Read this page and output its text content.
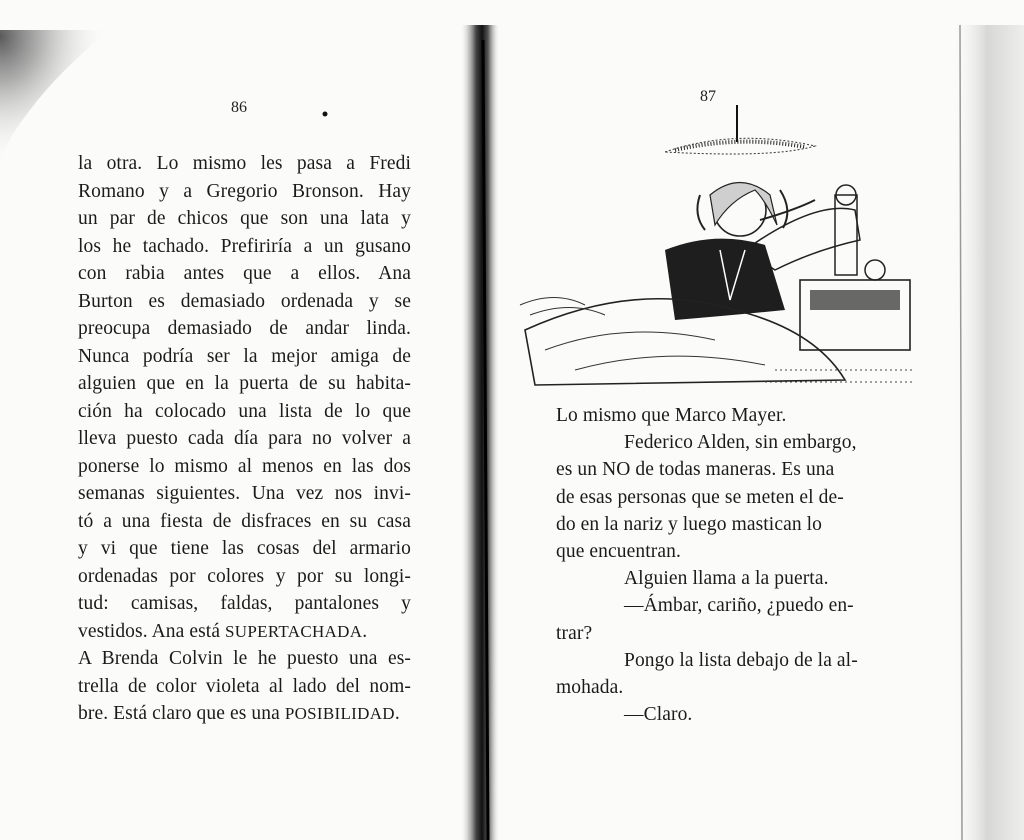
86
la otra. Lo mismo les pasa a Fredi
Romano y a Gregorio Bronson. Hay
un par de chicos que son una lata y
los he tachado. Prefiriría a un gusano
con rabia antes que a ellos. Ana
Burton es demasiado ordenada y se
preocupa demasiado de andar linda.
Nunca podría ser la mejor amiga de
alguien que en la puerta de su habita-
ción ha colocado una lista de lo que
lleva puesto cada día para no volver a
ponerse lo mismo al menos en las dos
semanas siguientes. Una vez nos invi-
tó a una fiesta de disfraces en su casa
y vi que tiene las cosas del armario
ordenadas por colores y por su longi-
tud: camisas, faldas, pantalones y
vestidos. Ana está SUPERTACHADA.
A Brenda Colvin le he puesto una es-
trella de color violeta al lado del nom-
bre. Está claro que es una POSIBILIDAD.
87
Lo mismo que Marco Mayer.
Federico Alden, sin embargo,
es un NO de todas maneras. Es una
de esas personas que se meten el de-
do en la nariz y luego mastican lo
que encuentran.
Alguien llama a la puerta.
—Ámbar, cariño, ¿puedo en-
trar?
Pongo la lista debajo de la al-
mohada.
—Claro.
